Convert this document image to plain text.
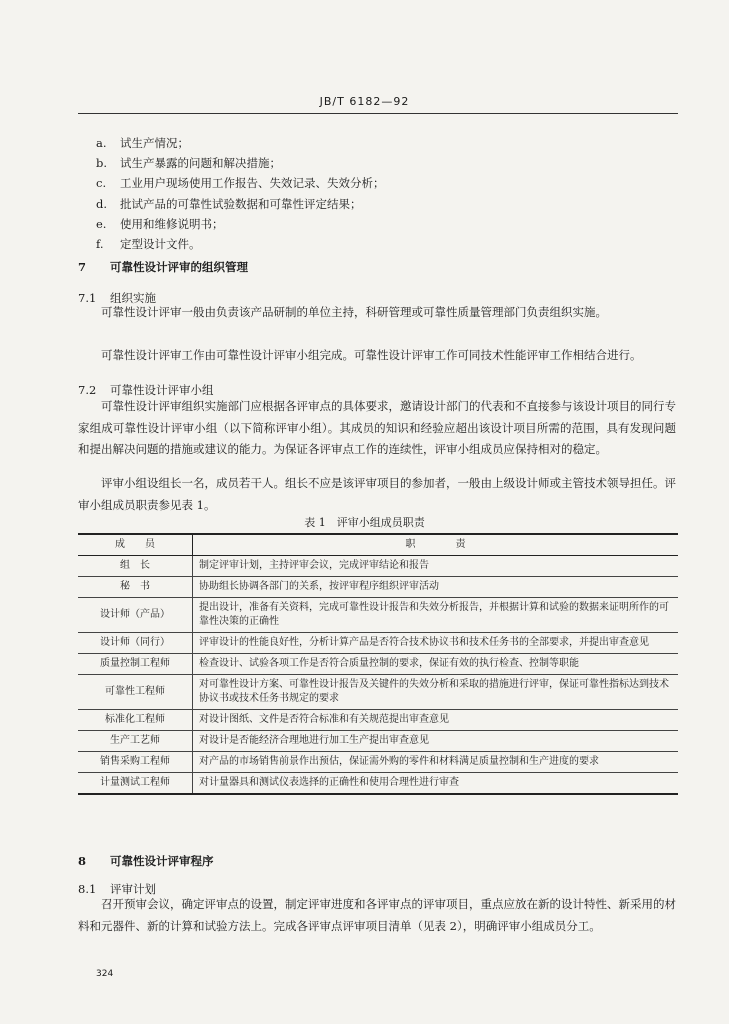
JB/T 6182—92
a. 试生产情况；
b. 试生产暴露的问题和解决措施；
c. 工业用户现场使用工作报告、失效记录、失效分析；
d. 批试产品的可靠性试验数据和可靠性评定结果；
e. 使用和维修说明书；
f. 定型设计文件。
7 可靠性设计评审的组织管理
7.1 组织实施
可靠性设计评审一般由负责该产品研制的单位主持，科研管理或可靠性质量管理部门负责组织实施。
可靠性设计评审工作由可靠性设计评审小组完成。可靠性设计评审工作可同技术性能评审工作相结合进行。
7.2 可靠性设计评审小组
可靠性设计评审组织实施部门应根据各评审点的具体要求，邀请设计部门的代表和不直接参与该设计项目的同行专家组成可靠性设计评审小组（以下简称评审小组）。其成员的知识和经验应超出该设计项目所需的范围，具有发现问题和提出解决问题的措施或建议的能力。为保证各评审点工作的连续性，评审小组成员应保持相对的稳定。
评审小组设组长一名，成员若干人。组长不应是该评审项目的参加者，一般由上级设计师或主管技术领导担任。评审小组成员职责参见表 1。
表 1　评审小组成员职责
成　　员	职　　　　责
组　长	制定评审计划，主持评审会议，完成评审结论和报告
秘　书	协助组长协调各部门的关系，按评审程序组织评审活动
设计师（产品）	提出设计，准备有关资料，完成可靠性设计报告和失效分析报告，并根据计算和试验的数据来证明所作的可靠性决策的正确性
设计师（同行）	评审设计的性能良好性，分析计算产品是否符合技术协议书和技术任务书的全部要求，并提出审查意见
质量控制工程师	检查设计、试验各项工作是否符合质量控制的要求，保证有效的执行检查、控制等职能
可靠性工程师	对可靠性设计方案、可靠性设计报告及关键件的失效分析和采取的措施进行评审，保证可靠性指标达到技术协议书或技术任务书规定的要求
标准化工程师	对设计图纸、文件是否符合标准和有关规范提出审查意见
生产工艺师	对设计是否能经济合理地进行加工生产提出审查意见
销售采购工程师	对产品的市场销售前景作出预估，保证需外购的零件和材料满足质量控制和生产进度的要求
计量测试工程师	对计量器具和测试仪表选择的正确性和使用合理性进行审查
8 可靠性设计评审程序
8.1 评审计划
召开预审会议，确定评审点的设置，制定评审进度和各评审点的评审项目，重点应放在新的设计特性、新采用的材料和元器件、新的计算和试验方法上。完成各评审点评审项目清单（见表 2），明确评审小组成员分工。
324
